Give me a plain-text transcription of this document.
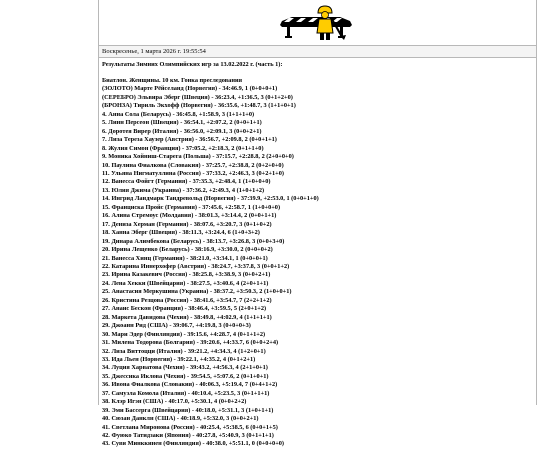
Воскресенье, 1 марта 2026 г. 19:55:54
Результаты Зимних Олимпийских игр за 13.02.2022 г. (часть 1):
Биатлон. Женщины. 10 км. Гонка преследования
(ЗОЛОТО) Марте Рёйселанд (Норвегия) - 34:46.9, 1 (0+0+0+1)
(СЕРЕБРО) Эльвира Эберг (Швеция) - 36:23.4, +1:36.5, 3 (0+1+2+0)
(БРОНЗА) Тириль Экхофф (Норвегия) - 36:35.6, +1:48.7, 3 (1+1+0+1)
4. Анна Сола (Беларусь) - 36:45.8, +1:58.9, 3 (1+1+1+0)
5. Линн Персеон (Швеция) - 36:54.1, +2:07.2, 2 (0+0+1+1)
6. Доротея Вирер (Италия) - 36:56.0, +2:09.1, 3 (0+0+2+1)
7. Лиза Тереза Хаузер (Австрия) - 36:56.7, +2:09.8, 2 (0+0+1+1)
8. Жулия Симон (Франция) - 37:05.2, +2:18.3, 2 (0+1+1+0)
9. Моника Хойниш-Старега (Польша) - 37:15.7, +2:28.8, 2 (2+0+0+0)
10. Паулина Фиалкова (Словакия) - 37:25.7, +2:38.8, 2 (0+2+0+0)
11. Ульяна Нигматуллина (Россия) - 37:33.2, +2:46.3, 3 (0+2+1+0)
12. Ванесса Фойгт (Германия) - 37:35.3, +2:48.4, 1 (1+0+0+0)
13. Юлия Джима (Украина) - 37:36.2, +2:49.3, 4 (1+0+1+2)
14. Ингрид Ландмарк Тандревольд (Норвегия) - 37:39.9, +2:53.0, 1 (0+0+1+0)
15. Франциска Пройс (Германия) - 37:45.6, +2:58.7, 1 (1+0+0+0)
16. Алина Стремоус (Молдавия) - 38:01.3, +3:14.4, 2 (0+0+1+1)
17. Дениза Херман (Германия) - 38:07.6, +3:20.7, 3 (0+1+0+2)
18. Ханна Эберг (Швеция) - 38:11.3, +3:24.4, 6 (1+0+3+2)
19. Динара Алимбекова (Беларусь) - 38:13.7, +3:26.8, 3 (0+0+3+0)
20. Ирина Лещенко (Беларусь) - 38:16.9, +3:30.0, 2 (0+0+0+2)
21. Ванесса Хинц (Германия) - 38:21.0, +3:34.1, 1 (0+0+0+1)
22. Катарина Иннерхофер (Австрия) - 38:24.7, +3:37.8, 3 (0+0+1+2)
23. Ирина Казакевич (Россия) - 38:25.8, +3:38.9, 3 (0+0+2+1)
24. Лена Хекки (Швейцария) - 38:27.5, +3:40.6, 4 (2+0+1+1)
25. Анастасия Меркушина (Украина) - 38:37.2, +3:50.3, 2 (1+0+0+1)
26. Кристина Резцова (Россия) - 38:41.6, +3:54.7, 7 (2+2+1+2)
27. Анаис Бескон (Франция) - 38:46.4, +3:59.5, 5 (2+0+1+2)
28. Маркета Давидова (Чехия) - 38:49.8, +4:02.9, 4 (1+1+1+1)
29. Джоанн Рид (США) - 39:06.7, +4:19.8, 3 (0+0+0+3)
30. Мари Эдер (Финляндия) - 39:15.6, +4:28.7, 4 (0+1+1+2)
31. Милена Тодорова (Болгария) - 39:20.6, +4:33.7, 6 (0+0+2+4)
32. Лиза Виттоцци (Италия) - 39:21.2, +4:34.3, 4 (1+2+0+1)
33. Ида Льен (Норвегия) - 39:22.1, +4:35.2, 4 (0+1+2+1)
34. Луция Харватова (Чехия) - 39:43.2, +4:56.3, 4 (2+1+0+1)
35. Джессика Иклова (Чехия) - 39:54.5, +5:07.6, 2 (0+1+0+1)
36. Ивона Фиалкова (Словакия) - 40:06.3, +5:19.4, 7 (0+4+1+2)
37. Самуэла Комола (Италия) - 40:10.4, +5:23.5, 3 (0+1+1+1)
38. Клэр Игэн (США) - 40:17.0, +5:30.1, 4 (0+0+2+2)
39. Эми Бассерга (Швейцария) - 40:18.0, +5:31.1, 3 (1+0+1+1)
40. Сюзан Данклн (США) - 40:18.9, +5:32.0, 3 (0+0+2+1)
41. Светлана Миронова (Россия) - 40:25.4, +5:38.5, 6 (0+0+1+5)
42. Фуюко Татидзаки (Япония) - 40:27.8, +5:40.9, 3 (0+1+1+1)
43. Суви Минккинен (Финляндия) - 40:38.0, +5:51.1, 0 (0+0+0+0)
